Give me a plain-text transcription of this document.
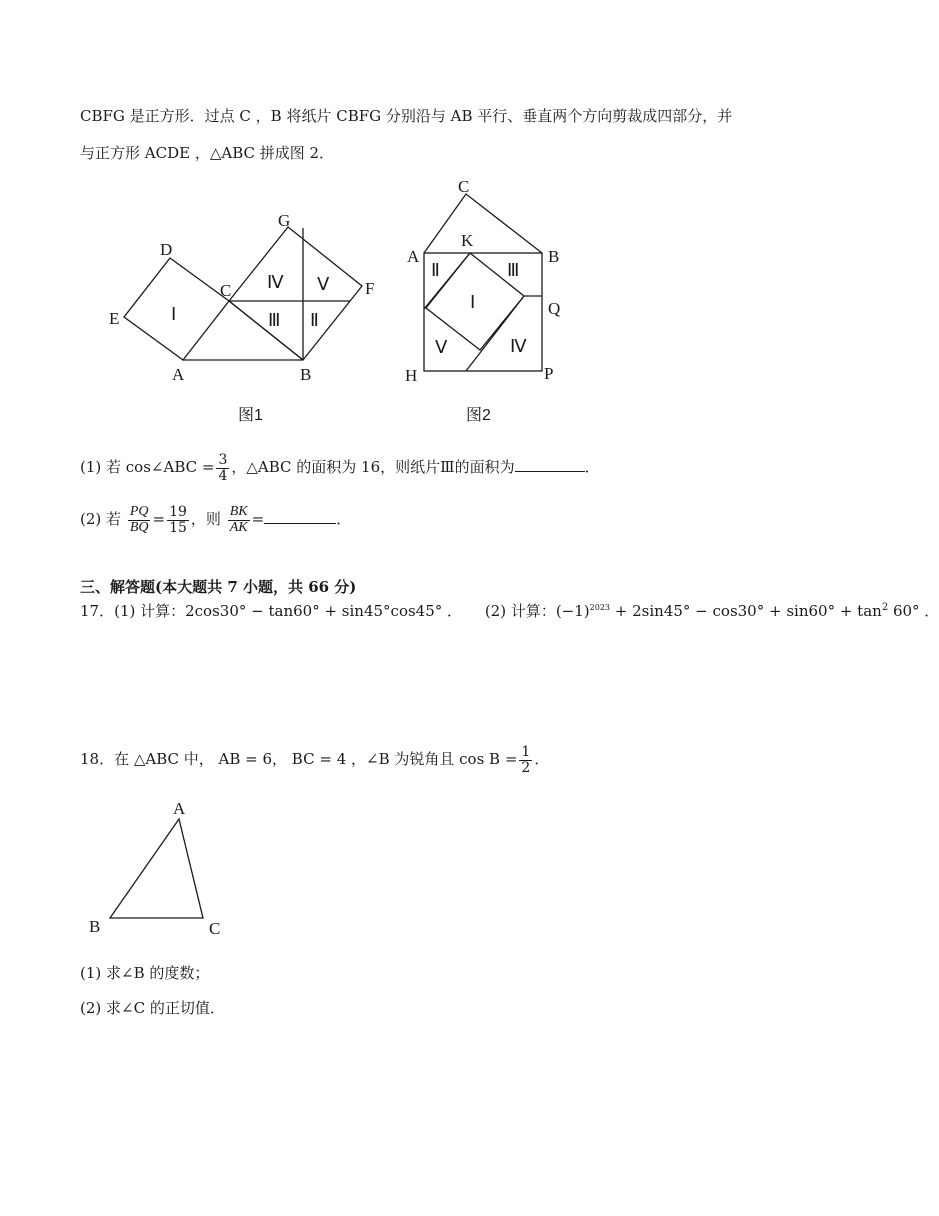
CBFG 是正方形．过点 C ，B 将纸片 CBFG 分别沿与 AB 平行、垂直两个方向剪裁成四部分，并
与正方形 ACDE ，△ABC 拼成图 2．
D
G
C	F
E
A	B
Ⅰ
Ⅳ Ⅴ
Ⅲ Ⅱ
图1
C
A
K
B
Q
H	P
Ⅱ	Ⅲ
Ⅰ
Ⅴ	Ⅳ
图2
(1) 若 cos∠ABC = $\frac{3}{4}$ ，△ABC 的面积为 16，则纸片Ⅲ的面积为	．
(2) 若 $\frac{PQ}{BQ} = \frac{19}{15}$ ，则 $\frac{BK}{AK}$ =	．
三、解答题(本大题共 7 小题，共 66 分)
17．(1) 计算：2cos30° − tan60° + sin45°cos45° ． (2) 计算：$(-1)^{2023} + 2\sin 45^\circ - \cos 30^\circ + \sin 60^\circ + \tan^2 60^\circ$ ．
18．在 △ABC 中， AB = 6， BC = 4 ，∠B 为锐角且 $\cos B = \frac{1}{2}$ ．
A
B	C
(1) 求∠B 的度数；
(2) 求∠C 的正切值．
